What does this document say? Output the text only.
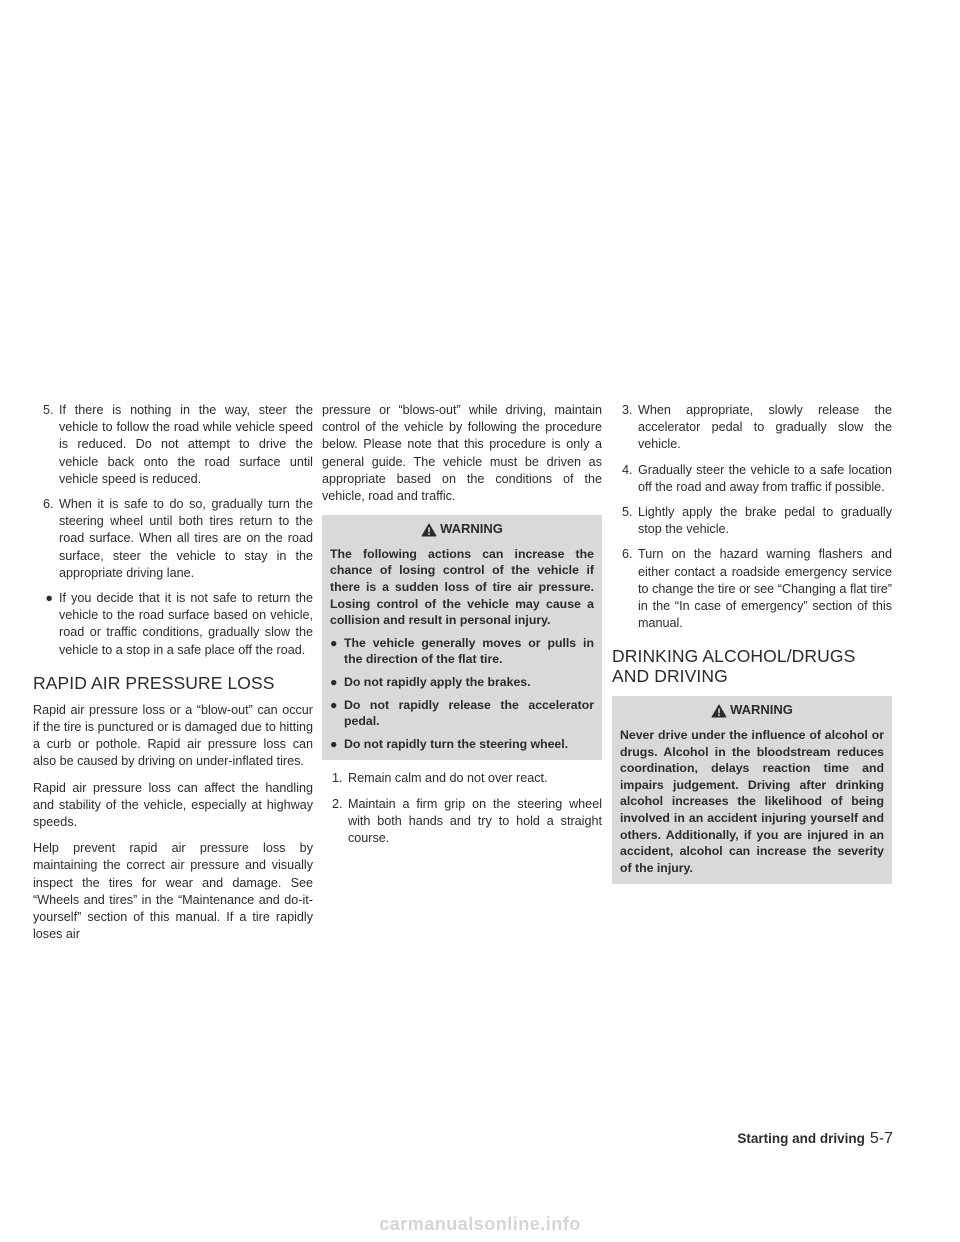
5. If there is nothing in the way, steer the vehicle to follow the road while vehicle speed is reduced. Do not attempt to drive the vehicle back onto the road surface until vehicle speed is reduced.
6. When it is safe to do so, gradually turn the steering wheel until both tires return to the road surface. When all tires are on the road surface, steer the vehicle to stay in the appropriate driving lane.
● If you decide that it is not safe to return the vehicle to the road surface based on vehicle, road or traffic conditions, gradually slow the vehicle to a stop in a safe place off the road.
RAPID AIR PRESSURE LOSS

Rapid air pressure loss or a “blow-out” can occur if the tire is punctured or is damaged due to hitting a curb or pothole. Rapid air pressure loss can also be caused by driving on under-inflated tires.

Rapid air pressure loss can affect the handling and stability of the vehicle, especially at highway speeds.

Help prevent rapid air pressure loss by maintaining the correct air pressure and visually inspect the tires for wear and damage. See “Wheels and tires” in the “Maintenance and do-it-yourself” section of this manual. If a tire rapidly loses air

pressure or “blows-out” while driving, maintain control of the vehicle by following the procedure below. Please note that this procedure is only a general guide. The vehicle must be driven as appropriate based on the conditions of the vehicle, road and traffic.

WARNING

The following actions can increase the chance of losing control of the vehicle if there is a sudden loss of tire air pressure. Losing control of the vehicle may cause a collision and result in personal injury.

● The vehicle generally moves or pulls in the direction of the flat tire.
● Do not rapidly apply the brakes.
● Do not rapidly release the accelerator pedal.
● Do not rapidly turn the steering wheel.
1. Remain calm and do not over react.
2. Maintain a firm grip on the steering wheel with both hands and try to hold a straight course.
3. When appropriate, slowly release the accelerator pedal to gradually slow the vehicle.
4. Gradually steer the vehicle to a safe location off the road and away from traffic if possible.
5. Lightly apply the brake pedal to gradually stop the vehicle.
6. Turn on the hazard warning flashers and either contact a roadside emergency service to change the tire or see “Changing a flat tire” in the “In case of emergency” section of this manual.
DRINKING ALCOHOL/DRUGS AND DRIVING
WARNING

Never drive under the influence of alcohol or drugs. Alcohol in the bloodstream reduces coordination, delays reaction time and impairs judgement. Driving after drinking alcohol increases the likelihood of being involved in an accident injuring yourself and others. Additionally, if you are injured in an accident, alcohol can increase the severity of the injury.

Starting and driving 5-7
carmanualsonline.info
